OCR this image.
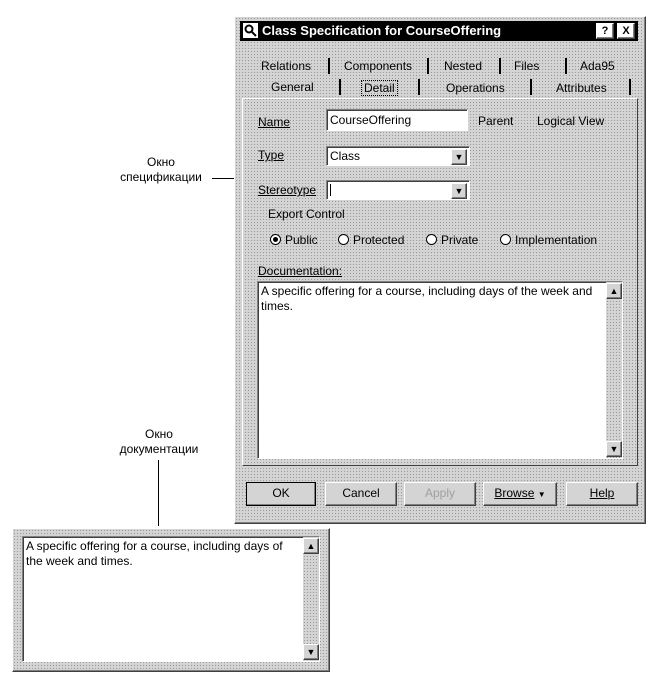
Окно
спецификации
Окно
документации
Class Specification for CourseOffering	?	X
Relations	Components	Nested	Files	Ada95
General	Detail	Operations	Attributes
Name	CourseOffering	Parent Logical View
Type	Class	▼
Stereotype	▼
Export Control
Public	Protected	Private	Implementation
Documentation:
A specific offering for a course, including days of the week and times.
▲
▼
OK	Cancel	Apply	Browse ▼	Help
A specific offering for a course, including days of the week and times.
▲
▼
